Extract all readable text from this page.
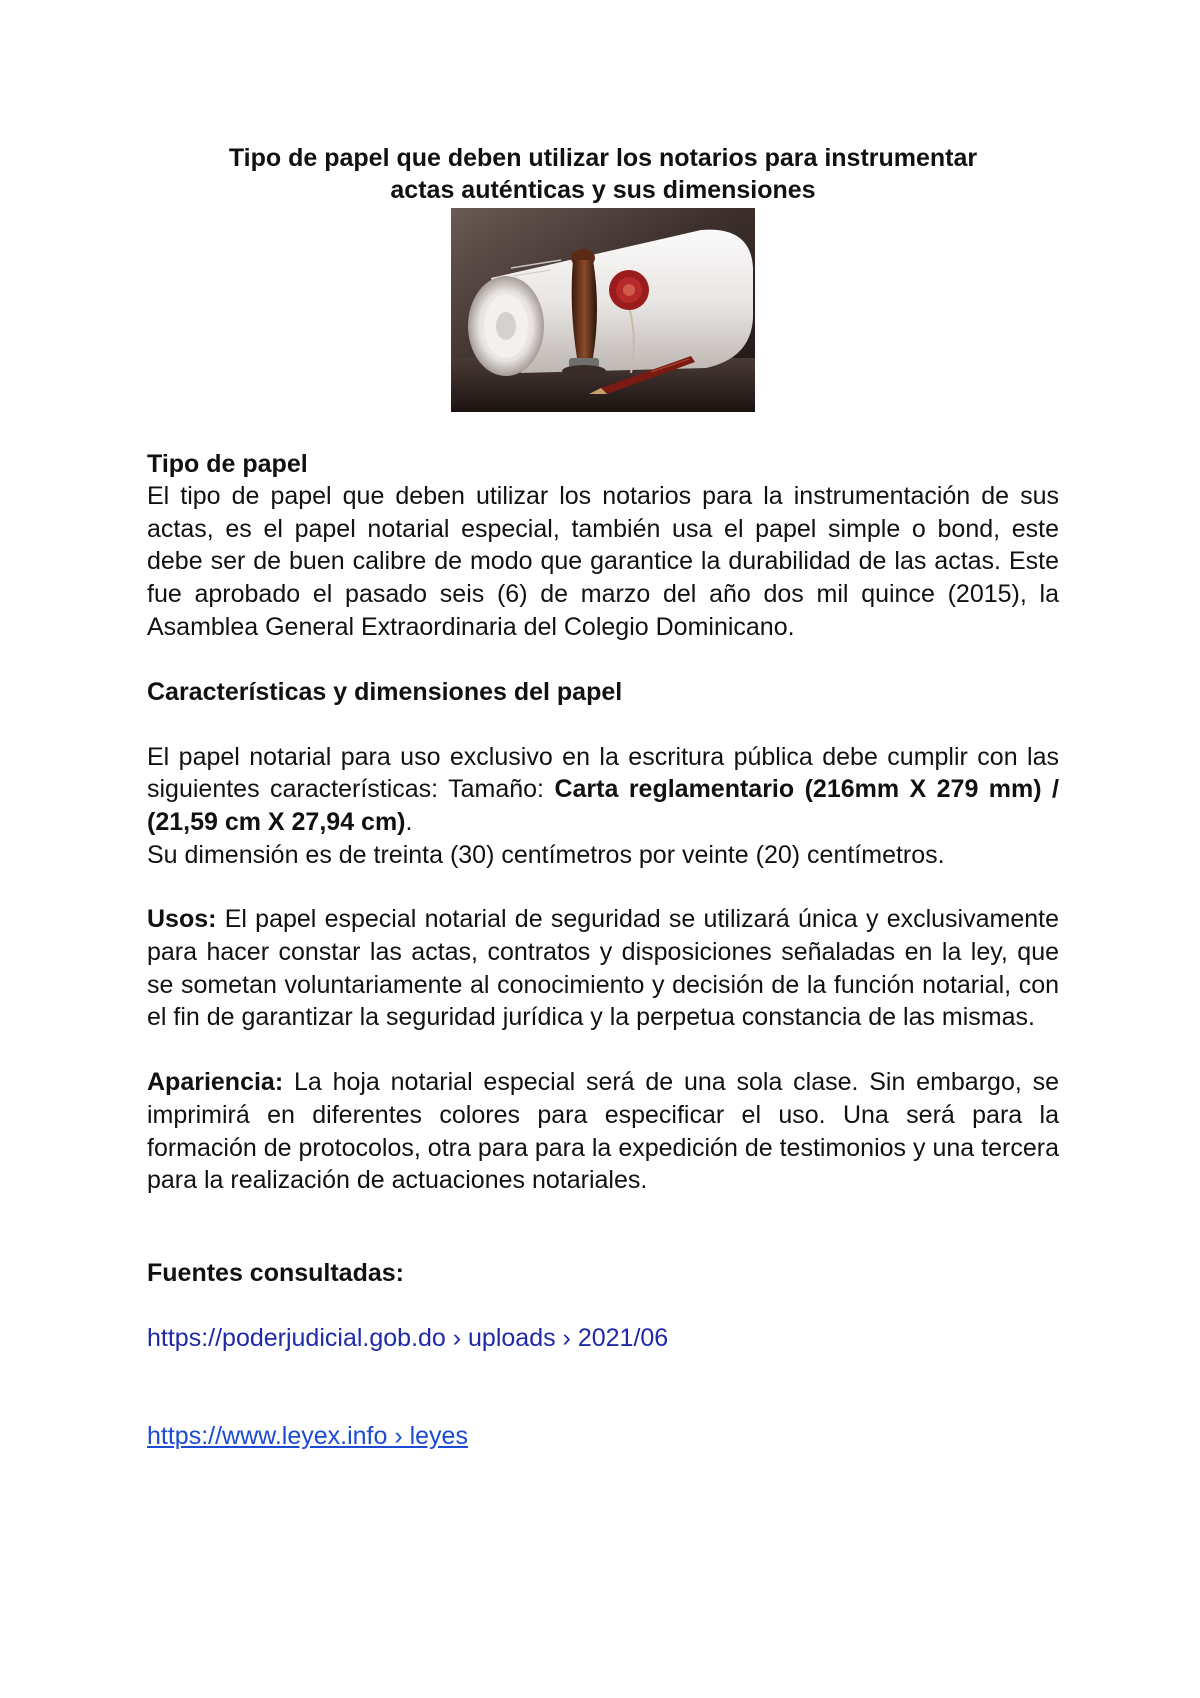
Tipo de papel que deben utilizar los notarios para instrumentar
actas auténticas y sus dimensiones
Tipo de papel

El tipo de papel que deben utilizar los notarios para la instrumentación de sus actas, es el papel notarial especial, también usa el papel simple o bond, este debe ser de buen calibre de modo que garantice la durabilidad de las actas. Este fue aprobado el pasado seis (6) de marzo del año dos mil quince (2015), la Asamblea General Extraordinaria del Colegio Dominicano.

Características y dimensiones del papel

El papel notarial para uso exclusivo en la escritura pública debe cumplir con las siguientes características: Tamaño: Carta reglamentario (216mm X 279 mm) / (21,59 cm X 27,94 cm).

Su dimensión es de treinta (30) centímetros por veinte (20) centímetros.

Usos: El papel especial notarial de seguridad se utilizará única y exclusivamente para hacer constar las actas, contratos y disposiciones señaladas en la ley, que se sometan voluntariamente al conocimiento y decisión de la función notarial, con el fin de garantizar la seguridad jurídica y la perpetua constancia de las mismas.

Apariencia: La hoja notarial especial será de una sola clase. Sin embargo, se imprimirá en diferentes colores para especificar el uso. Una será para la formación de protocolos, otra para para la expedición de testimonios y una tercera para la realización de actuaciones notariales.

Fuentes consultadas:
https://poderjudicial.gob.do › uploads › 2021/06
https://www.leyex.info › leyes
